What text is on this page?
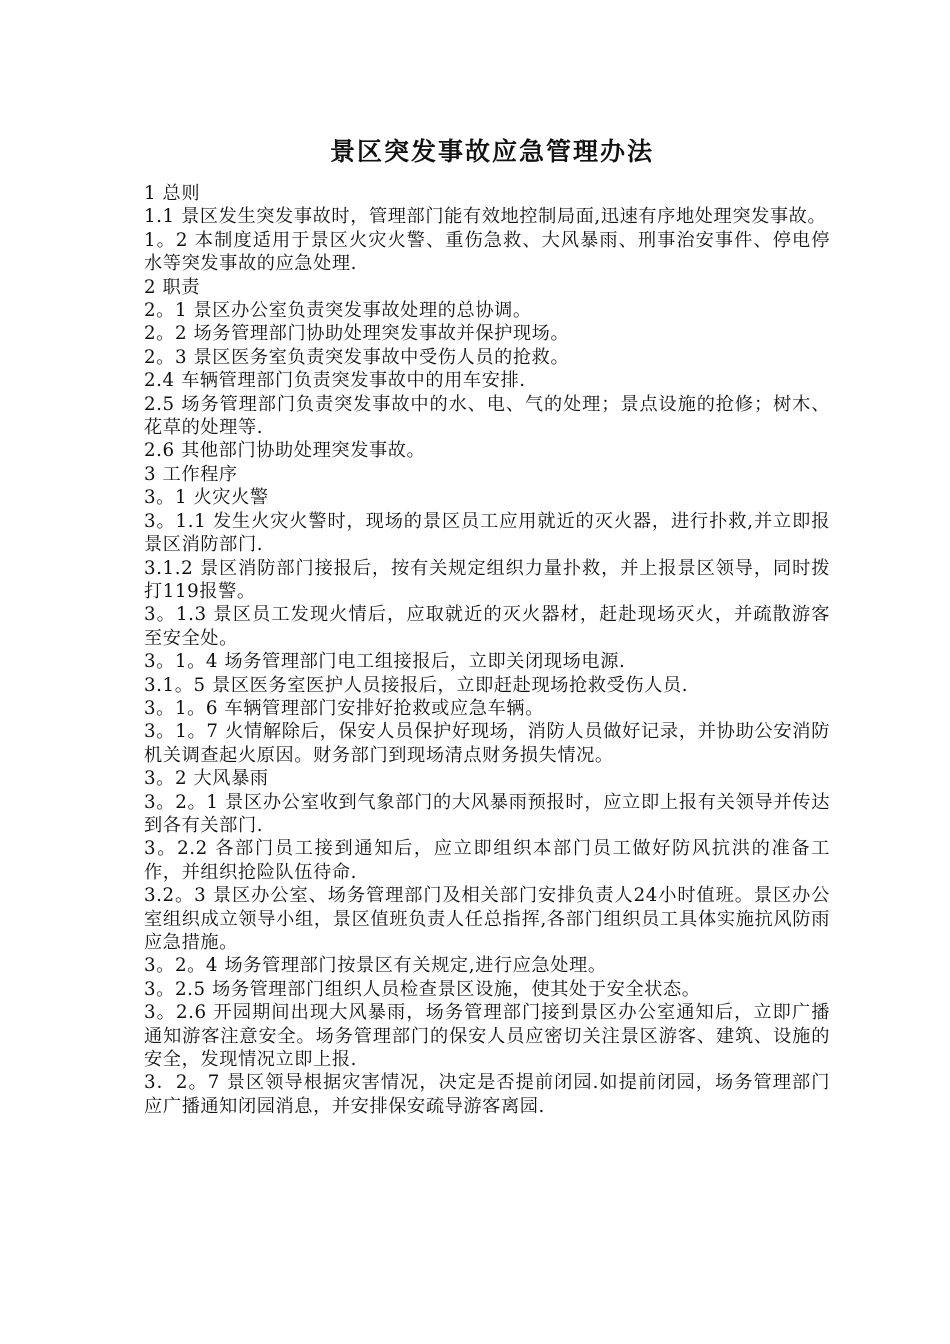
景区突发事故应急管理办法

1 总则

1.1 景区发生突发事故时，管理部门能有效地控制局面,迅速有序地处理突发事故。

1。2 本制度适用于景区火灾火警、重伤急救、大风暴雨、刑事治安事件、停电停水等突发事故的应急处理.

2 职责

2。1 景区办公室负责突发事故处理的总协调。

2。2 场务管理部门协助处理突发事故并保护现场。

2。3 景区医务室负责突发事故中受伤人员的抢救。

2.4 车辆管理部门负责突发事故中的用车安排.

2.5 场务管理部门负责突发事故中的水、电、气的处理；景点设施的抢修；树木、花草的处理等.

2.6 其他部门协助处理突发事故。

3 工作程序

3。1 火灾火警

3。1.1 发生火灾火警时，现场的景区员工应用就近的灭火器，进行扑救,并立即报景区消防部门.

3.1.2 景区消防部门接报后，按有关规定组织力量扑救，并上报景区领导，同时拨打119报警。

3。1.3 景区员工发现火情后，应取就近的灭火器材，赶赴现场灭火，并疏散游客至安全处。

3。1。4 场务管理部门电工组接报后，立即关闭现场电源.

3.1。5 景区医务室医护人员接报后，立即赶赴现场抢救受伤人员.

3。1。6 车辆管理部门安排好抢救或应急车辆。

3。1。7 火情解除后，保安人员保护好现场，消防人员做好记录，并协助公安消防机关调查起火原因。财务部门到现场清点财务损失情况。

3。2 大风暴雨

3。2。1 景区办公室收到气象部门的大风暴雨预报时，应立即上报有关领导并传达到各有关部门.

3。2.2 各部门员工接到通知后，应立即组织本部门员工做好防风抗洪的准备工作，并组织抢险队伍待命.

3.2。3 景区办公室、场务管理部门及相关部门安排负责人24小时值班。景区办公室组织成立领导小组，景区值班负责人任总指挥,各部门组织员工具体实施抗风防雨应急措施。

3。2。4 场务管理部门按景区有关规定,进行应急处理。

3。2.5 场务管理部门组织人员检查景区设施，使其处于安全状态。

3。2.6 开园期间出现大风暴雨，场务管理部门接到景区办公室通知后，立即广播通知游客注意安全。场务管理部门的保安人员应密切关注景区游客、建筑、设施的安全，发现情况立即上报.

3．2。7 景区领导根据灾害情况，决定是否提前闭园.如提前闭园，场务管理部门应广播通知闭园消息，并安排保安疏导游客离园.
